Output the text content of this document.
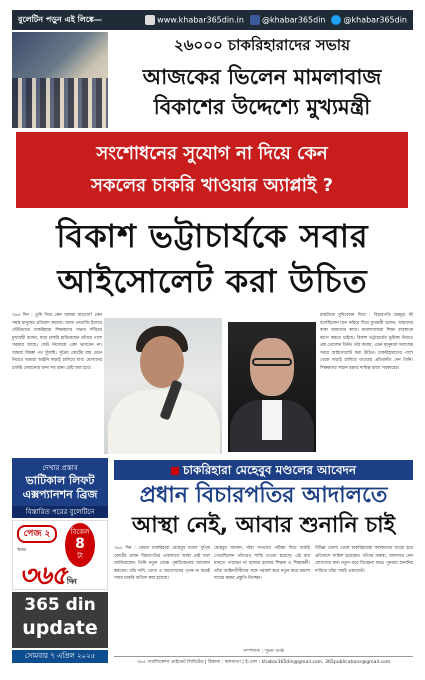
বুলেটিন পড়ুন এই লিঙ্কে—	www.khabar365din.in	@khabar365din	@khabar365din
২৬০০০ চাকরিহারাদের সভায়
আজকের ভিলেন মামলাবাজ
বিকাশের উদ্দেশ্যে মুখ্যমন্ত্রী
সংশোধনের সুযোগ না দিয়ে কেন
সকলের চাকরি খাওয়ার অ্যাপ্লাই ?
বিকাশ ভট্টাচার্যকে সবার
আইসোলেট করা উচিত
৩৬৫ দিন : তুমি দিয়ে কেন আমরা ছাড়বো? কেন সমস্ত মানুষের প্রতিবাদ করবো। আজ নেতাজি ইন্ডোর স্টেডিয়ামে চাকরিহারা শিক্ষকদের সভায় দাঁড়িয়ে মুখ্যমন্ত্রী বলেন, যারা চাকরি হারিয়েছেন তাঁদের পাশে সরকার আছে। কেউ নিজেকে একা ভাববেন না। আমরা বিকল্প পথ খুঁজছি। সুপ্রিম কোর্টের রায় মেনে নিয়েও আমরা আইনি লড়াই চালিয়ে যাব। যোগ্যদের চাকরি ফেরানোর জন্য সব রকম চেষ্টা করা হবে।
রায়টাকে সুবিবেচনা দিয়ে : বিচারপতি চন্দ্রচূড় কী বলেছিলেন মনে করিয়ে দিয়ে মুখ্যমন্ত্রী বলেন, আমাদের বাক্য আমাদের কাজ। মামলাবাজরা শিক্ষা ব্যবস্থাকে ধ্বংস করতে চাইছে। বিকাশ ভট্টাচার্যের ভূমিকা নিয়েও প্রশ্ন তোলেন তিনি। তাঁর কথায়, এমন মানুষকে সমাজের সবার আইসোলেট করা উচিত। চাকরিহারাদের পাশে থেকে লড়াই চালিয়ে যাওয়ার প্রতিশ্রুতি দেন তিনি। শিক্ষকদের সম্মান রক্ষার দায়িত্ব রাজ্য সরকারের।
দেখার প্রস্তাব
ভাটিকাল লিফট
এক্সপ্যানশন ব্রিজ
বিস্তারিত পরের বুলেটিনে
পেজ ২	বিকেল
8
টা
খবর
৩৬৫দিন
365 din
update
সোমবার ৭ এপ্রিল ২০২৫
চাকরিহারা মেহেবুব মণ্ডলের আবেদন
প্রধান বিচারপতির আদালতে
আস্থা নেই, আবার শুনানি চাই
৩৬৫ দিন : কেনো চাকরিহারা মেহেবুব মণ্ডল সুপ্রিম কোর্টের প্রধান বিচারপতির এজলাসে আস্থা নেই বলে জানিয়েছেন। তিনি নতুন বেঞ্চে পুনর্বিবেচনার আবেদন করবেন। তাঁর দাবি, যোগ্য ও অযোগ্যদের পৃথক না করেই সবার চাকরি বাতিল করা হয়েছে।
মেহেবুব জানান, যাঁরা সৎভাবে পরীক্ষা দিয়ে চাকরি পেয়েছিলেন তাঁদেরও শাস্তি দেওয়া হয়েছে। এই রায় মানতে পারছেন না হাজার হাজার শিক্ষক ও শিক্ষাকর্মী। তাঁরা আইনজীবীদের সঙ্গে পরামর্শ করে নতুন করে মামলা দায়ের করার প্রস্তুতি নিচ্ছেন।
বিভিন্ন জেলা থেকে চাকরিহারারা কলকাতায় জড়ো হয়ে প্রতিবাদে সামিল হয়েছেন। তাঁদের বক্তব্য, আদালত যেন যোগ্যদের কথা নতুন করে বিবেচনা করে। পুনরায় শুনানির দাবিতে তাঁরা সবাই একজোট।
সম্পাদক : সুমন গুপ্ত
৩৬৫ পাবলিকেশন প্রাইভেট লিমিটেড | ঠিকানা : কলকাতা | ই-মেল : khabar365din@gmail.com, 365publications@gmail.com
